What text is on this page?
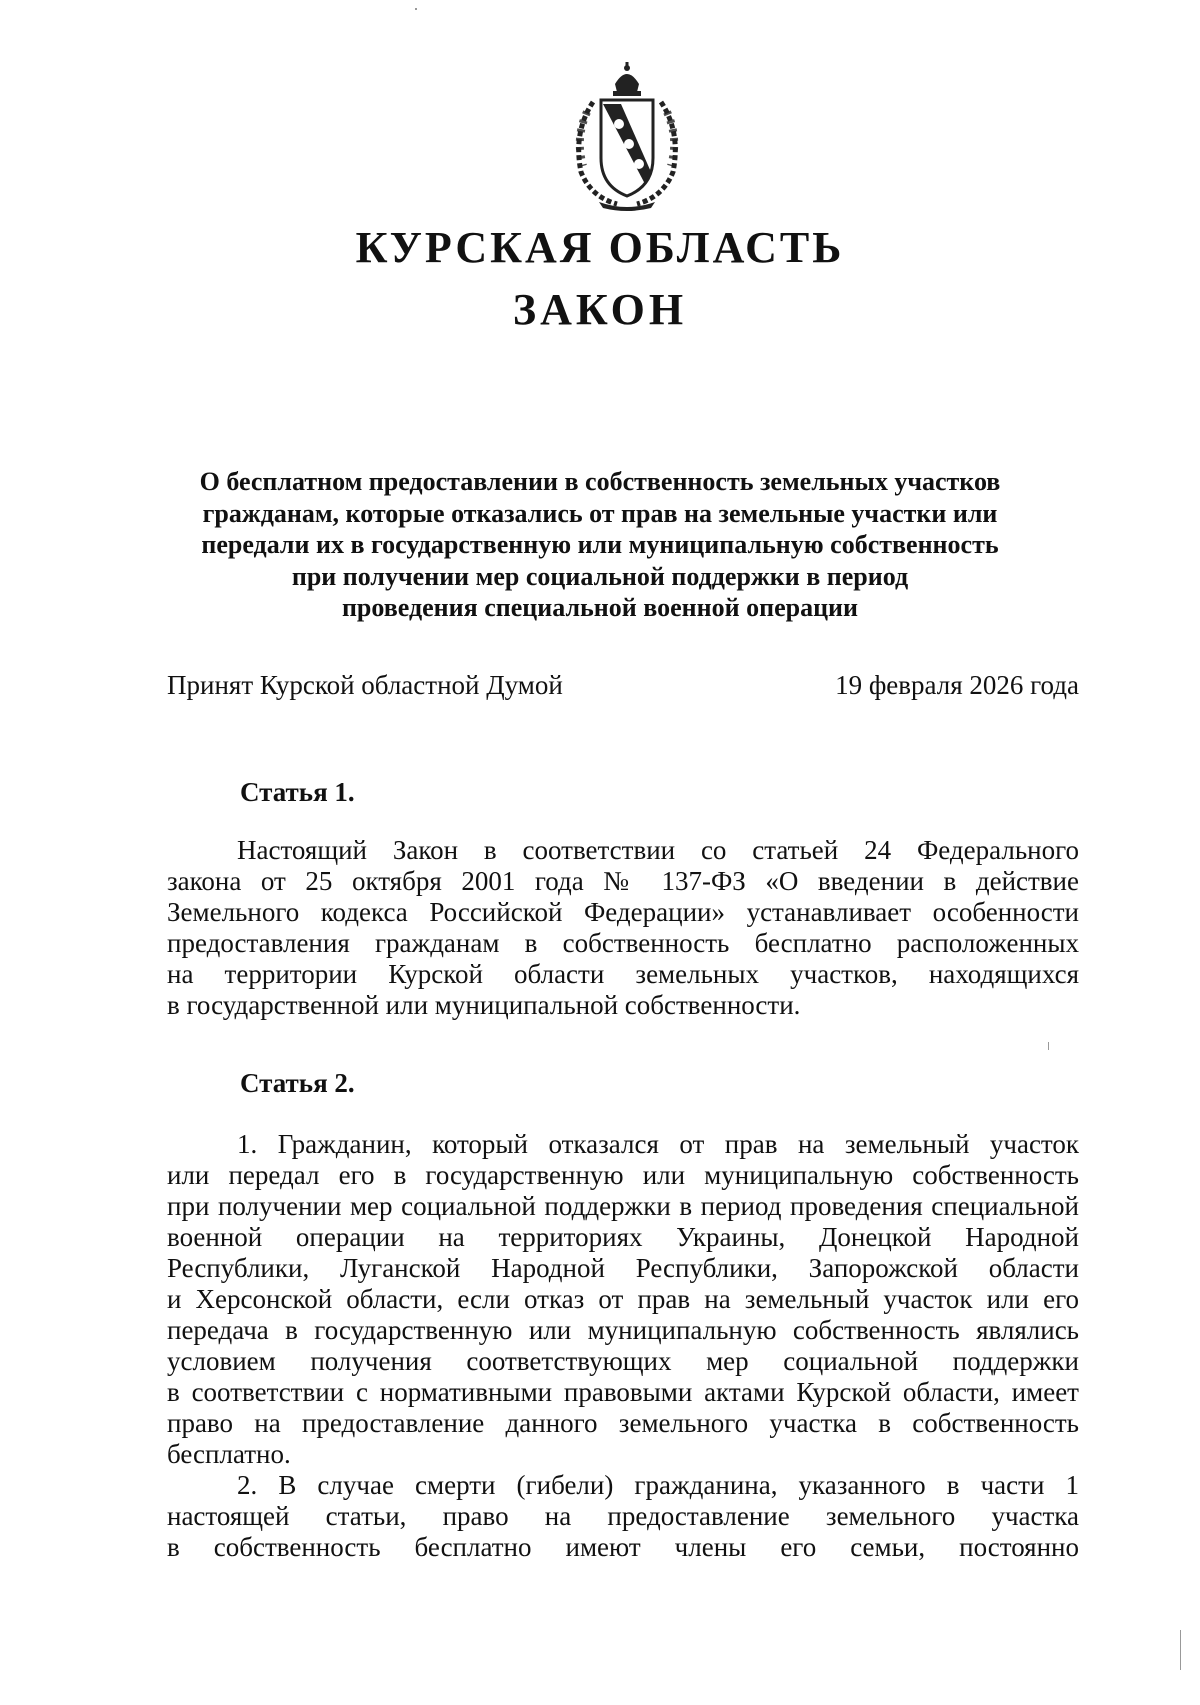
КУРСКАЯ ОБЛАСТЬ
ЗАКОН
О бесплатном предоставлении в собственность земельных участков
гражданам, которые отказались от прав на земельные участки или
передали их в государственную или муниципальную собственность
при получении мер социальной поддержки в период
проведения специальной военной операции
Принят Курской областной Думой	19 февраля 2026 года
Статья 1.
Настоящий Закон в соответствии со статьей 24 Федерального
закона от 25 октября 2001 года № 137-ФЗ «О введении в действие
Земельного кодекса Российской Федерации» устанавливает особенности
предоставления гражданам в собственность бесплатно расположенных
на территории Курской области земельных участков, находящихся
в государственной или муниципальной собственности.
Статья 2.
1. Гражданин, который отказался от прав на земельный участок
или передал его в государственную или муниципальную собственность
при получении мер социальной поддержки в период проведения специальной
военной операции на территориях Украины, Донецкой Народной
Республики, Луганской Народной Республики, Запорожской области
и Херсонской области, если отказ от прав на земельный участок или его
передача в государственную или муниципальную собственность являлись
условием получения соответствующих мер социальной поддержки
в соответствии с нормативными правовыми актами Курской области, имеет
право на предоставление данного земельного участка в собственность
бесплатно.
2. В случае смерти (гибели) гражданина, указанного в части 1
настоящей статьи, право на предоставление земельного участка
в собственность бесплатно имеют члены его семьи, постоянно
